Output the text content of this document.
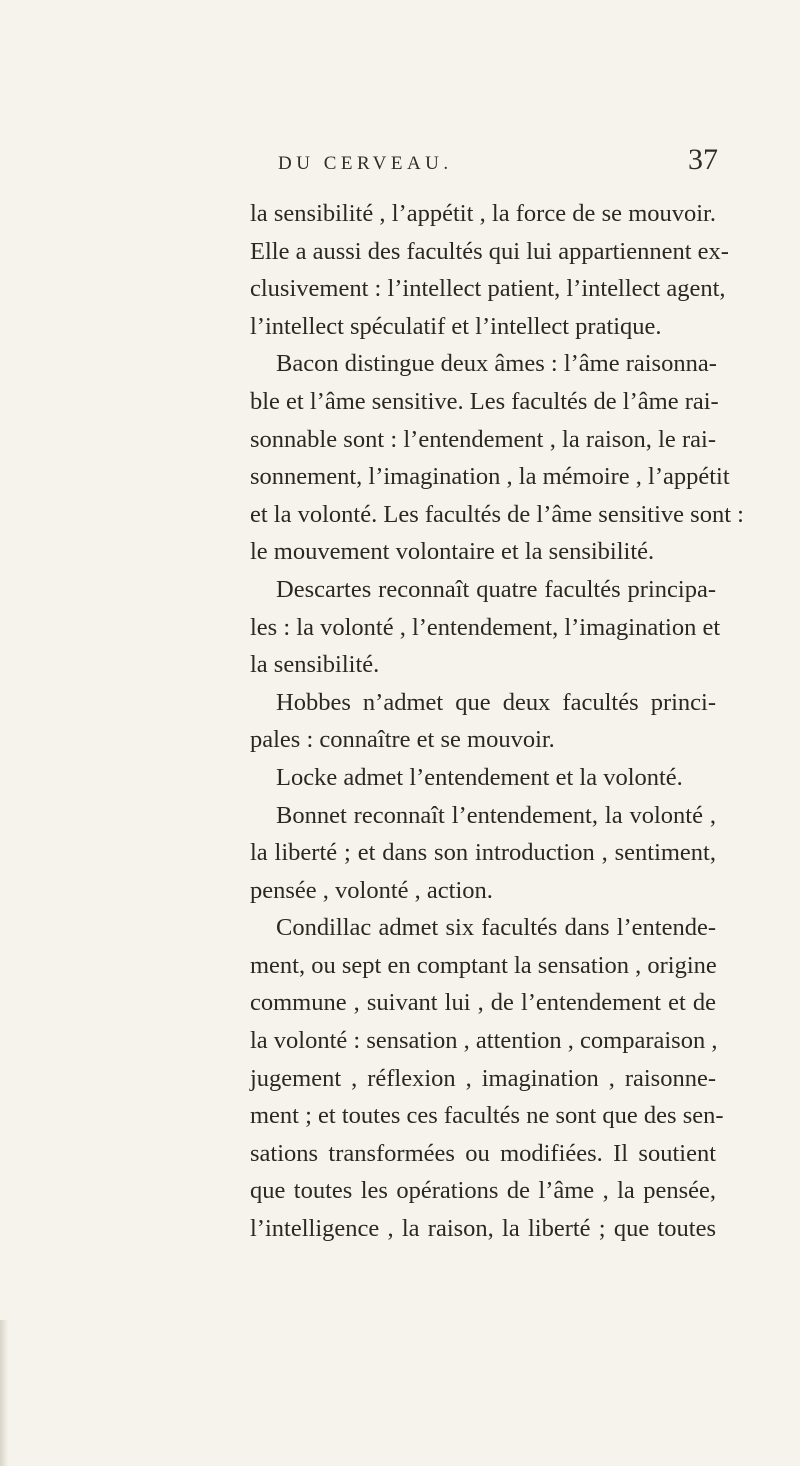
DU CERVEAU.	37
la sensibilité , l’appétit , la force de se mouvoir.
Elle a aussi des facultés qui lui appartiennent ex-
clusivement : l’intellect patient, l’intellect agent,
l’intellect spéculatif et l’intellect pratique.
Bacon distingue deux âmes : l’âme raisonna-
ble et l’âme sensitive. Les facultés de l’âme rai-
sonnable sont : l’entendement , la raison, le rai-
sonnement, l’imagination , la mémoire , l’appétit
et la volonté. Les facultés de l’âme sensitive sont :
le mouvement volontaire et la sensibilité.
Descartes reconnaît quatre facultés principa-
les : la volonté , l’entendement, l’imagination et
la sensibilité.
Hobbes n’admet que deux facultés princi-
pales : connaître et se mouvoir.
Locke admet l’entendement et la volonté.
Bonnet reconnaît l’entendement, la volonté ,
la liberté ; et dans son introduction , sentiment,
pensée , volonté , action.
Condillac admet six facultés dans l’entende-
ment, ou sept en comptant la sensation , origine
commune , suivant lui , de l’entendement et de
la volonté : sensation , attention , comparaison ,
jugement , réflexion , imagination , raisonne-
ment ; et toutes ces facultés ne sont que des sen-
sations transformées ou modifiées. Il soutient
que toutes les opérations de l’âme , la pensée,
l’intelligence , la raison, la liberté ; que toutes
